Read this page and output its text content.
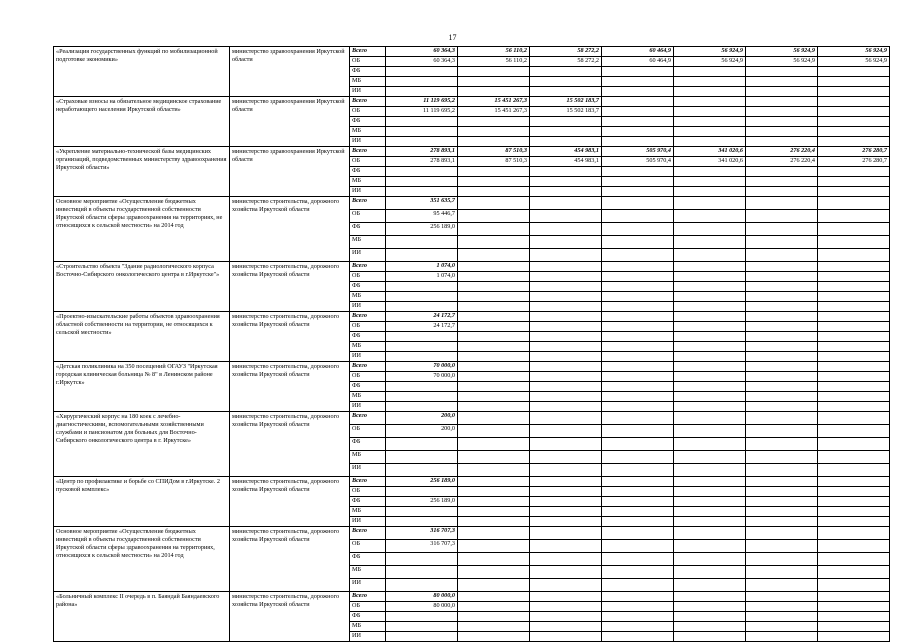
17
«Реализация государственных функций по мобилизационной подготовке экономики»	министерство здравоохранения Иркутской области	Всего	60 364,3	56 110,2	58 272,2	60 464,9	56 924,9	56 924,9	56 924,9
		ОБ	60 364,3	56 110,2	58 272,2	60 464,9	56 924,9	56 924,9	56 924,9
		ФБ							
		МБ							
		ИИ							
«Страховые взносы на обязательное медицинское страхование неработающего населения Иркутской области»	министерство здравоохранения Иркутской области	Всего	11 119 695,2	15 451 267,3	15 502 183,7				
		ОБ	11 119 695,2	15 451 267,3	15 502 183,7				
		ФБ							
		МБ							
		ИИ							
«Укрепление материально-технической базы медицинских организаций, подведомственных министерству здравоохранения Иркутской области»	министерство здравоохранения Иркутской области	Всего	278 893,1	87 510,3	454 983,1	505 970,4	341 020,6	276 220,4	276 280,7
		ОБ	278 893,1	87 510,3	454 983,1	505 970,4	341 020,6	276 220,4	276 280,7
		ФБ							
		МБ							
		ИИ							
Основное мероприятие «Осуществление бюджетных инвестиций в объекты государственной собственности Иркутской области сферы здравоохранения на территориях, не относящихся к сельской местности» на 2014 год	министерство строительства, дорожного хозяйства Иркутской области	Всего	351 635,7						
		ОБ	95 446,7						
		ФБ	256 189,0						
		МБ							
		ИИ							
«Строительство объекта "Здание радиологического корпуса Восточно-Сибирского онкологического центра в г.Иркутске"»	министерство строительства, дорожного хозяйства Иркутской области	Всего	1 074,0						
		ОБ	1 074,0						
		ФБ							
		МБ							
		ИИ							
«Проектно-изыскательские работы объектов здравоохранения областной собственности на территории, не относящихся к сельской местности»	министерство строительства, дорожного хозяйства Иркутской области	Всего	24 172,7						
		ОБ	24 172,7						
		ФБ							
		МБ							
		ИИ							
«Детская поликлиника на 350 посещений ОГАУЗ "Иркутская городская клиническая больница № 8" в Ленинском районе г.Иркутск»	министерство строительства, дорожного хозяйства Иркутской области	Всего	70 000,0						
		ОБ	70 000,0						
		ФБ							
		МБ							
		ИИ							
«Хирургический корпус на 180 коек с лечебно-диагностическими, вспомогательными хозяйственными службами и пансионатом для больных для Восточно-Сибирского онкологического центра в г. Иркутске»	министерство строительства, дорожного хозяйства Иркутской области	Всего	200,0						
		ОБ	200,0						
		ФБ							
		МБ							
		ИИ							
«Центр по профилактике и борьбе со СПИДом в г.Иркутске. 2 пусковой комплекс»	министерство строительства, дорожного хозяйства Иркутской области	Всего	256 189,0						
		ОБ							
		ФБ	256 189,0						
		МБ							
		ИИ							
Основное мероприятие «Осуществление бюджетных инвестиций в объекты государственной собственности Иркутской области сферы здравоохранения на территориях, относящихся к сельской местности» на 2014 год	министерство строительства, дорожного хозяйства Иркутской области	Всего	316 707,3						
		ОБ	316 707,3						
		ФБ							
		МБ							
		ИИ							
«Больничный комплекс II очередь в п. Баяндай Баяндаевского района»	министерство строительства, дорожного хозяйства Иркутской области	Всего	80 000,0						
		ОБ	80 000,0						
		ФБ							
		МБ							
		ИИ							
